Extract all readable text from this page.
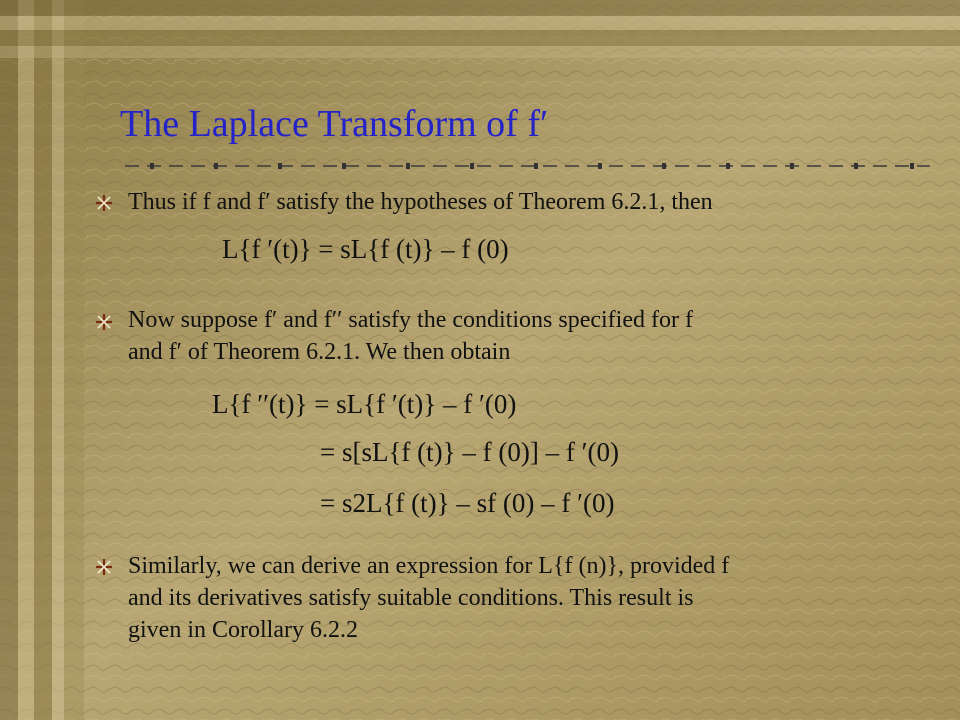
The Laplace Transform of f′
Thus if f and f′ satisfy the hypotheses of Theorem 6.2.1, then
L{f ′(t)} = sL{f (t)} – f (0)
Now suppose f′ and f′′ satisfy the conditions specified for f
and f′ of Theorem 6.2.1. We then obtain
L{f ′′(t)} = sL{f ′(t)} – f ′(0)
= s[sL{f (t)} – f (0)] – f ′(0)
= s2L{f (t)} – sf (0) – f ′(0)
Similarly, we can derive an expression for L{f (n)}, provided f
and its derivatives satisfy suitable conditions. This result is
given in Corollary 6.2.2
